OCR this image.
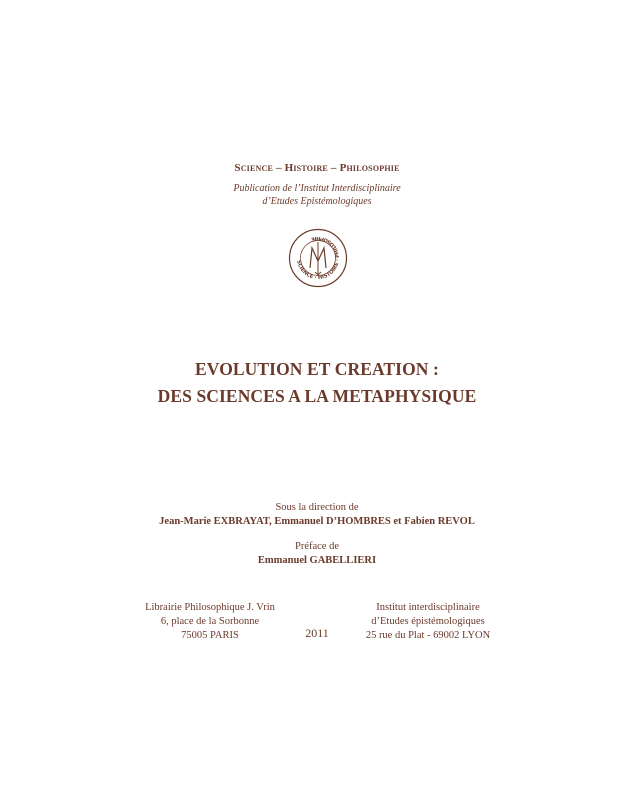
Science – Histoire – Philosophie
Publication de l’Institut Interdisciplinaire
d’Etudes Epistémologiques
SCIENCE · HISTOIRE · PHILOSOPHIE
EVOLUTION ET CREATION :
DES SCIENCES A LA METAPHYSIQUE
Sous la direction de
Jean-Marie EXBRAYAT, Emmanuel D’HOMBRES et Fabien REVOL
Préface de
Emmanuel GABELLIERI
Librairie Philosophique J. Vrin
6, place de la Sorbonne
75005 PARIS	2011
Institut interdisciplinaire
d’Etudes épistémologiques
25 rue du Plat - 69002 LYON
